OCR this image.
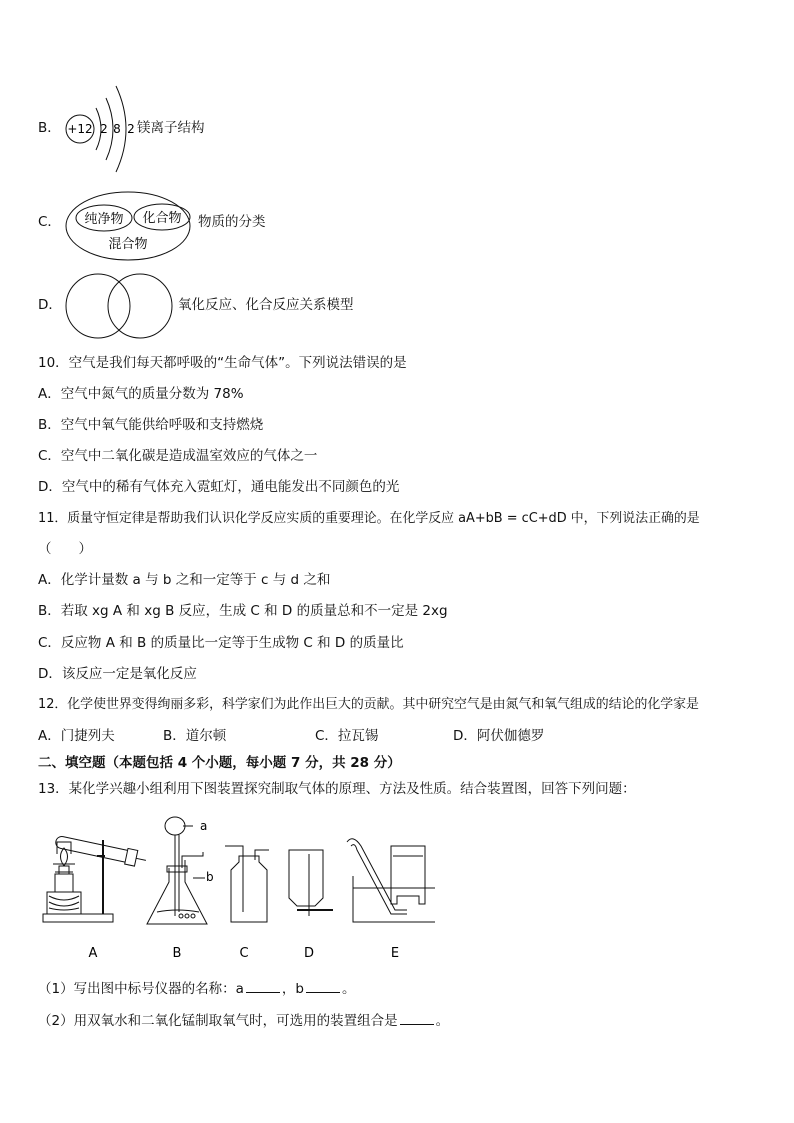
B． +12 2 8 2 镁离子结构
C． 纯净物 化合物
混合物
物质的分类
D．	氧化反应、化合反应关系模型
10．空气是我们每天都呼吸的“生命气体”。下列说法错误的是
A．空气中氮气的质量分数为 78%
B．空气中氧气能供给呼吸和支持燃烧
C．空气中二氧化碳是造成温室效应的气体之一
D．空气中的稀有气体充入霓虹灯，通电能发出不同颜色的光
11．质量守恒定律是帮助我们认识化学反应实质的重要理论。在化学反应 aA+bB = cC+dD 中，下列说法正确的是
（　　）
A．化学计量数 a 与 b 之和一定等于 c 与 d 之和
B．若取 xg A 和 xg B 反应，生成 C 和 D 的质量总和不一定是 2xg
C．反应物 A 和 B 的质量比一定等于生成物 C 和 D 的质量比
D．该反应一定是氧化反应
12．化学使世界变得绚丽多彩，科学家们为此作出巨大的贡献。其中研究空气是由氮气和氧气组成的结论的化学家是
A．门捷列夫	B．道尔顿	C．拉瓦锡	D．阿伏伽德罗
二、填空题（本题包括 4 个小题，每小题 7 分，共 28 分）
13．某化学兴趣小组利用下图装置探究制取气体的原理、方法及性质。结合装置图，回答下列问题：
A
a
b
B	C	D	E
（1）写出图中标号仪器的名称：a	，b	。
（2）用双氧水和二氧化锰制取氧气时，可选用的装置组合是	。
